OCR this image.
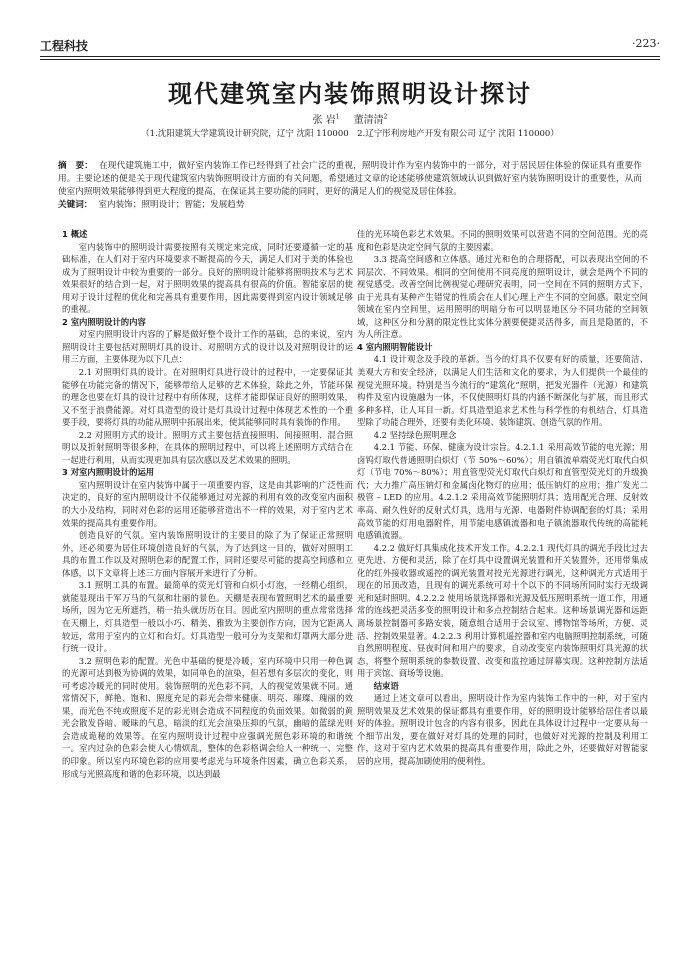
工程科技	·223·
现代建筑室内装饰照明设计探讨
张 岩$^1$ 董清清$^2$
（1.沈阳建筑大学建筑设计研究院，辽宁 沈阳 110000　2.辽宁彤利房地产开发有限公司 辽宁 沈阳 110000）
摘　要： 在现代建筑施工中，做好室内装饰工作已经得到了社会广泛的重视，照明设计作为室内装饰中的一部分，对于居民居住体验的保证具有重要作用。主要论述的便是关于现代建筑室内装饰照明设计方面的有关问题，希望通过文章的论述能够使建筑领域认识到做好室内装饰照明设计的重要性，从而使室内照明效果能够得到更大程度的提高，在保证其主要功能的同时，更好的满足人们的视觉及居住体验。
关键词： 室内装饰；照明设计；智能；发展趋势

1 概述

室内装饰中的照明设计需要按照有关规定来完成，同时还要遵循一定的基础标准，在人们对于室内环境要求不断提高的今天，满足人们对于美的体验也成为了照明设计中较为重要的一部分。良好的照明设计能够将照明技术与艺术效果很好的结合到一起，对于照明效果的提高具有很高的价值。智能家居的使用对于设计过程的优化和完善具有重要作用，因此需要得到室内设计领域足够的重视。

2 室内照明设计的内容

对室内照明设计内容的了解是做好整个设计工作的基础，总的来说，室内照明设计主要包括对照明灯具的设计、对照明方式的设计以及对照明设计的运用三方面，主要体现为以下几点：

2.1 对照明灯具的设计。在对照明灯具进行设计的过程中，一定要保证其能够在功能完备的情况下，能够带给人足够的艺术体验，除此之外，节能环保的理念也要在灯具的设计过程中有所体现，这样才能即保证良好的照明效果，又不至于浪费能源。对灯具造型的设计是灯具设计过程中体现艺术性的一个重要手段，要将灯具的功能从照明中拓展出来，使其能够同时具有装饰的作用。

2.2 对照明方式的设计。照明方式主要包括直接照明、间接照明、混合照明以及折射照明等很多种，在具体的照明过程中，可以将上述照明方式结合在一起进行利用，从而实现更加具有层次感以及艺术效果的照明。

3 对室内照明设计的运用

室内照明设计在室内装饰中属于一项重要内容，这是由其影响的广泛性而决定的，良好的室内照明设计不仅能够通过对光源的利用有效的改变室内面积的大小及结构，同时对色彩的运用还能够营造出不一样的效果，对于室内艺术效果的提高具有重要作用。

创造良好的气氛。室内装饰照明设计的主要目的除了为了保证正常照明外，还必须要为居住环境创造良好的气氛，为了达到这一目的，做好对照明工具的布置工作以及对照明色彩的配置工作，同时还要尽可能的提高空间感和立体感，以下文章将上述三方面内容展开来进行了分析。

3.1 照明工具的布置。最简单的荧光灯管和白炽小灯泡，一经精心组织，就能显现出千军万马的气氛和壮丽的景色。天棚是表现布置照明艺术的最重要场所，因为它无所遮挡，稍一抬头就历历在目。因此室内照明的重点常常选择在天棚上，灯具造型一般以小巧、精美、雅致为主要创作方向，因为它距离人较远，常用于室内的立灯和台灯。灯具造型一般可分为支架和灯罩两大部分进行统一设计。

3.2 照明色彩的配置。光色中基础的便是冷暖，室内环境中只用一种色调的光源可达到极为协调的效果，如同单色的渲染，但若想有多层次的变化，则可考虑冷暖光的同时使用。装饰照明的光色彩不同，人的视觉效果就不同。通常情况下，鲜艳、饱和、照度充足的彩光会带来健康、明亮、璀璨、瑰丽的效果，而光色不纯或照度不足的彩光则会造成不同程度的负面效果。如微弱的黄光会散发昏暗、暧昧的气息，暗淡的红光会渲染压抑的气氛，幽暗的蓝绿光则会造成诡秘的效果等。在室内照明设计过程中应强调光照色彩环境的和谐统一。室内过杂的色彩会使人心情烦乱，整体的色彩格调会给人一种统一、完整的印象。所以室内环境色彩的应用要考虑光与环境条件因素，确立色彩关系，形成与光照高度和谐的色彩环境，以达到最

佳的光环境色彩艺术效果。不同的照明效果可以营造不同的空间范围。光的亮度和色彩是决定空间气氛的主要因素。

3.3 提高空间感和立体感。通过光和色的合理搭配，可以表现出空间的不同层次、不同效果。相同的空间使用不同亮度的照明设计，就会是两个不同的视觉感受。改善空间比例视觉心理研究表明，同一空间在不同的照明方式下，由于光具有某种产生错觉的性质会在人们心理上产生不同的空间感。限定空间领域在室内空间里，运用照明的明暗分布可以明显地区分不同功能的空间领域，这种区分和分割的限定性比实体分割要便捷灵活得多，而且是隐匿的，不为人所注意。

4 室内照明智能设计

4.1 设计观念及手段的革新。当今的灯具不仅要有好的质量，还要简洁、美观大方和安全经济，以满足人们生活和文化的要求，为人们提供一个最佳的视觉光照环境。特别是当今流行的“建筑化”照明，把发光器件（光源）和建筑构件及室内设施融为一体，不仅使照明灯具的内涵不断深化与扩展，而且形式多种多样，让人耳目一新。灯具造型追求艺术性与科学性的有机结合，灯具造型除了功能合理外，还要有美化环境、装饰建筑、创造气氛的作用。

4.2 坚持绿色照明理念

4.2.1 节能、环保、健康为设计宗旨。4.2.1.1 采用高效节能的电光源；用卤钨灯取代普通照明白炽灯（节 50%～60%）；用自镇流单端荧光灯取代白炽灯（节电 70%～80%）；用直管型荧光灯取代白炽灯和直管型荧光灯的升级换代；大力推广高压钠灯和金属卤化物灯的应用；低压钠灯的应用；推广发光二极管 – LED 的应用。4.2.1.2 采用高效节能照明灯具；选用配光合理、反射效率高、耐久性好的反射式灯具，选用与光源、电器附件协调配套的灯具；采用高效节能的灯用电器附件，用节能电感镇流器和电子镇流器取代传统的高能耗电感镇流器。

4.2.2 做好灯具集成化技术开发工作。4.2.2.1 现代灯具的调光手段比过去更先进、方便和灵活，除了在灯具中设置调光装置和开关装置外，还用带集成化的红外接收器或遥控的调光装置对投光光源进行调光，这种调光方式适用于现在的吊顶改造，且现有的调光系统可对十个以下的不同场所同时实行无级调光和延时照明。4.2.2.2 使用场景选择器和光源及低压照明系统一道工作，用通常的连线把灵活多变的照明设计和多点控制结合起来。这种场景调光器和远距离场景控制器可多路安装，随意组合适用于会议室、博物馆等场所，方便、灵活、控制效果显著。4.2.2.3 利用计算机遥控器和室内电脑照明控制系统，可随自然照明程度、昼夜时间和用户的要求，自动改变室内装饰照明灯具光源的状态，将整个照明系统的参数设置、改变和监控通过屏幕实现。这种控制方法适用于宾馆、商场等设施。

结束语

通过上述文章可以看出，照明设计作为室内装饰工作中的一种，对于室内照明效果及艺术效果的保证都具有重要作用，好的照明设计能够给居住者以最好的体验。照明设计包含的内容有很多，因此在具体设计过程中一定要从每一个细节出发，要在做好对灯具的处理的同时，也做好对光源的控制及利用工作，这对于室内艺术效果的提高具有重要作用，除此之外，还要做好对智能家居的应用，提高加刷使用的便利性。
